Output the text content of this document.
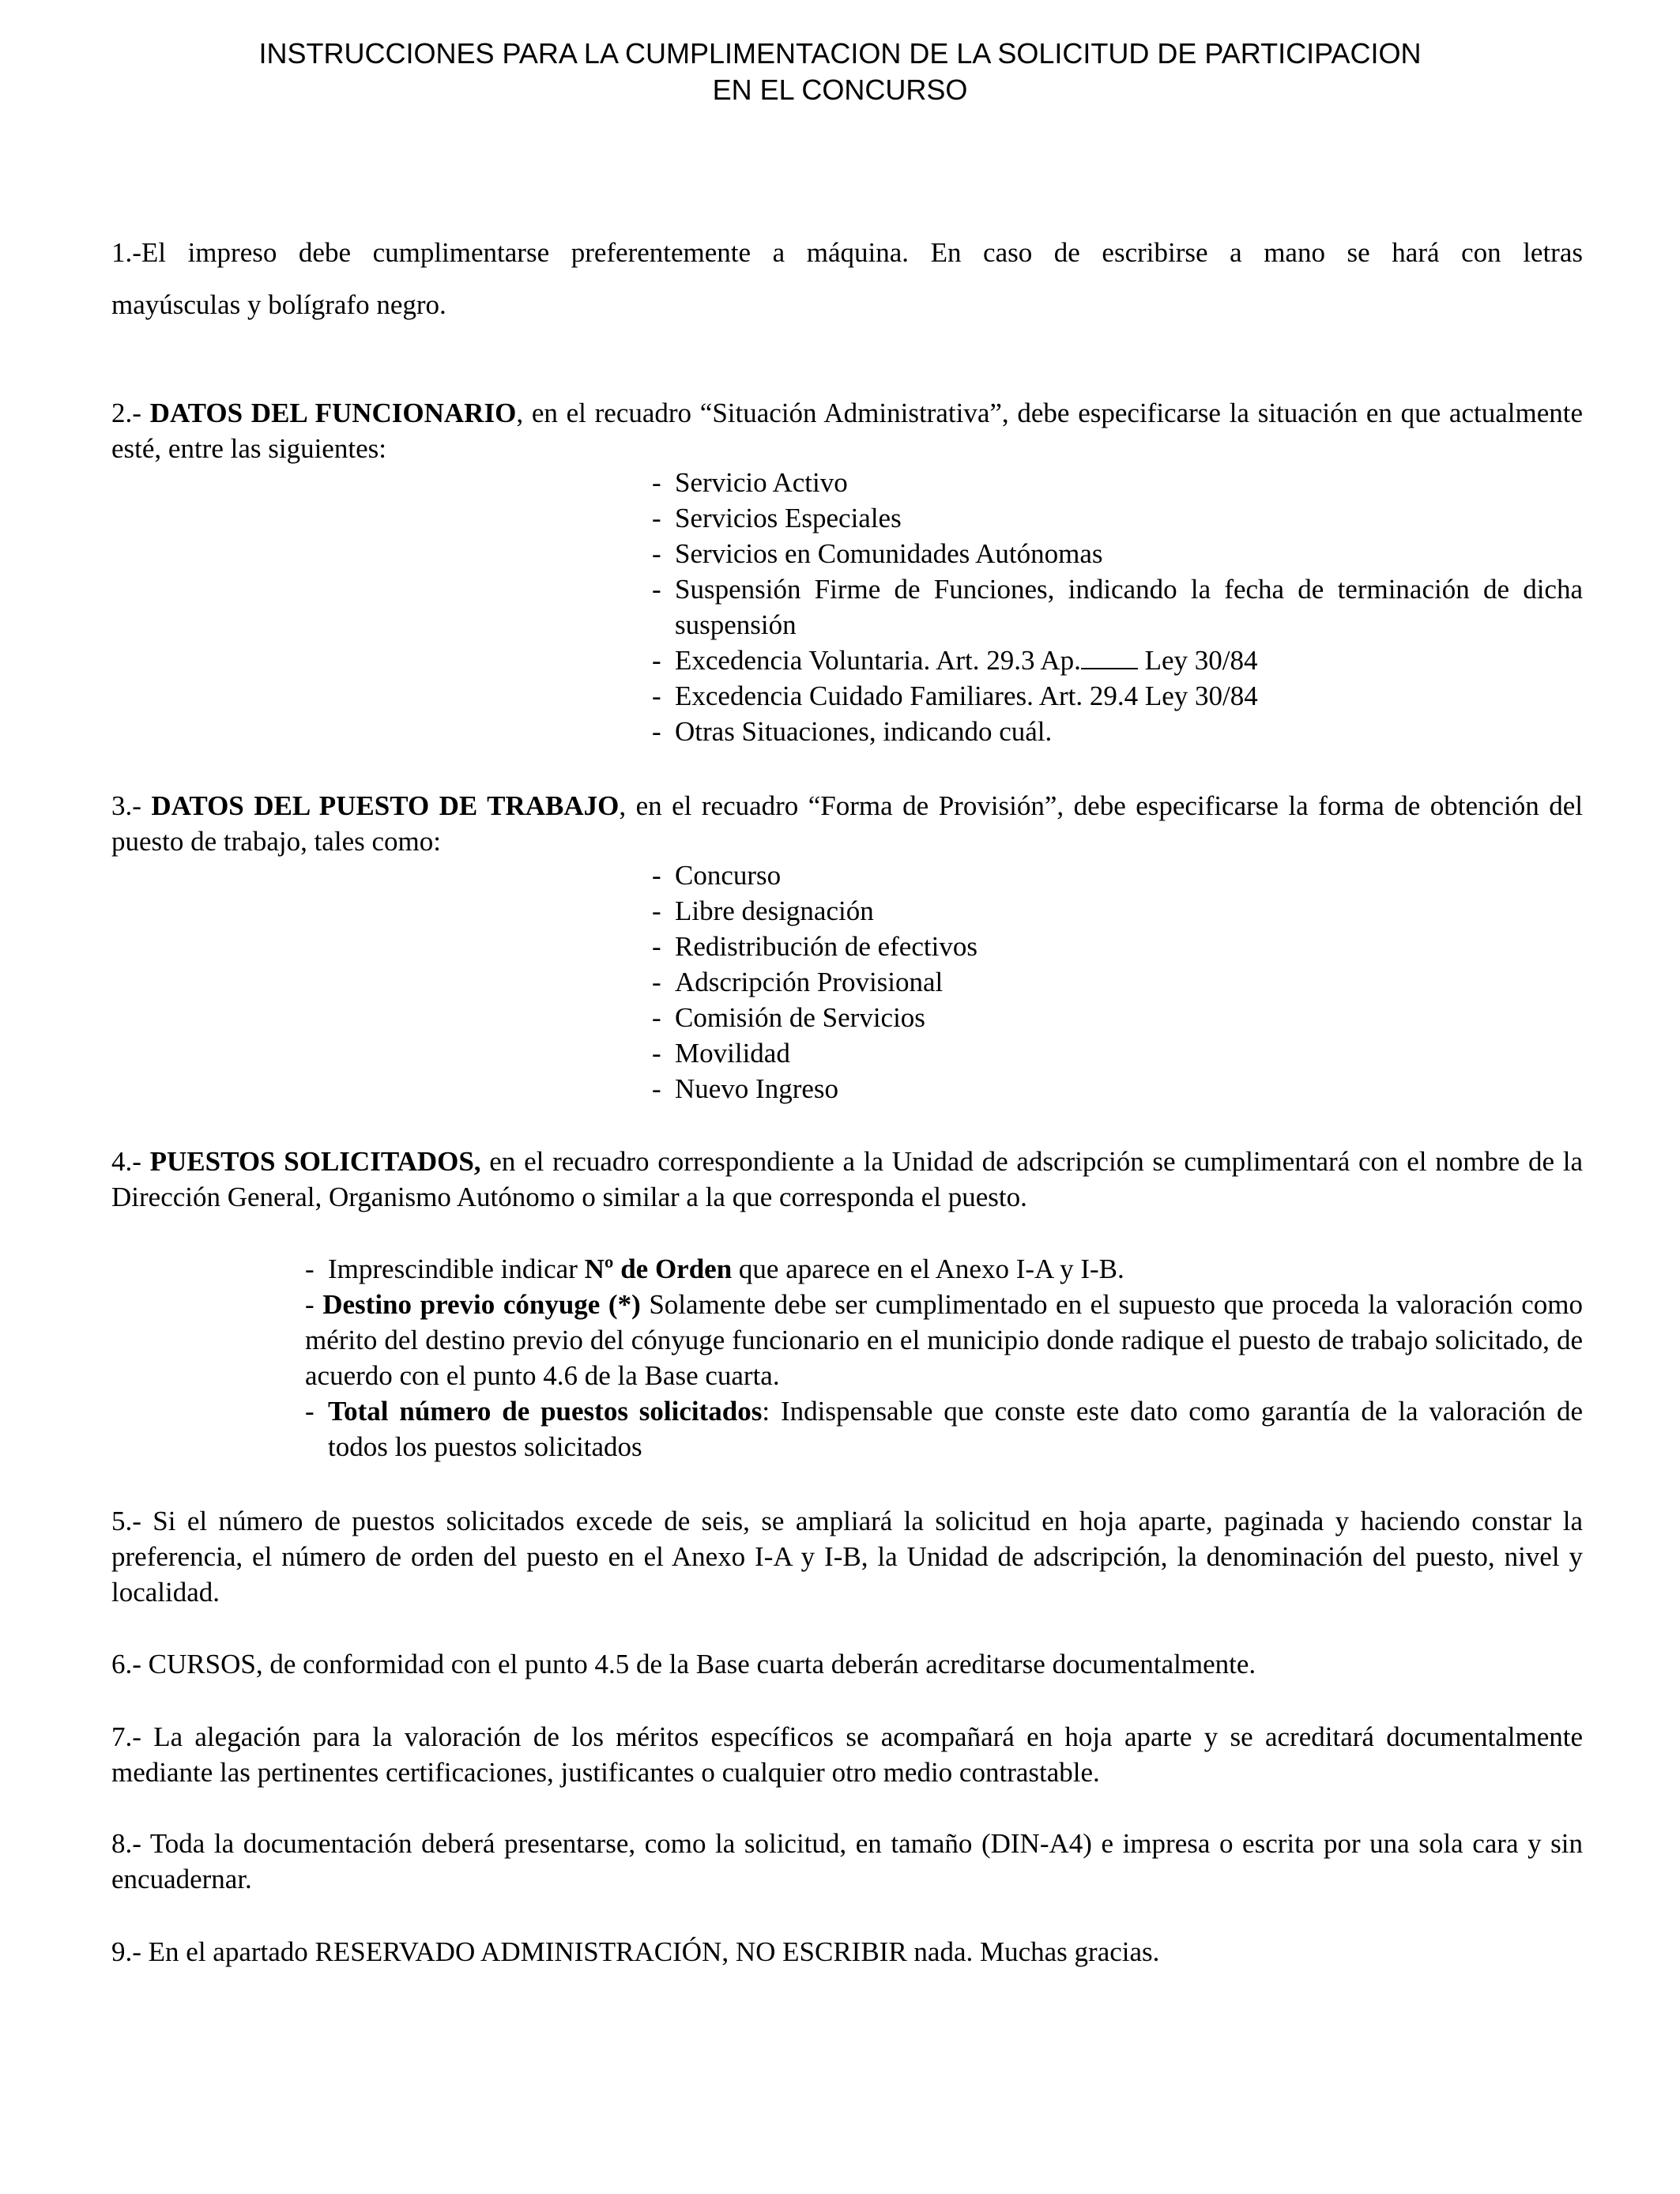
INSTRUCCIONES PARA LA CUMPLIMENTACION DE LA SOLICITUD DE PARTICIPACION
EN EL CONCURSO

1.-El impreso debe cumplimentarse preferentemente a máquina. En caso de escribirse a mano se hará con letras

mayúsculas y bolígrafo negro.

2.- DATOS DEL FUNCIONARIO, en el recuadro “Situación Administrativa”, debe especificarse la situación en que actualmente esté, entre las siguientes:

- Servicio Activo
- Servicios Especiales
- Servicios en Comunidades Autónomas
- Suspensión Firme de Funciones, indicando la fecha de terminación de dicha suspensión
- Excedencia Voluntaria. Art. 29.3 Ap. Ley 30/84
- Excedencia Cuidado Familiares. Art. 29.4 Ley 30/84
- Otras Situaciones, indicando cuál.

3.- DATOS DEL PUESTO DE TRABAJO, en el recuadro “Forma de Provisión”, debe especificarse la forma de obtención del puesto de trabajo, tales como:

- Concurso
- Libre designación
- Redistribución de efectivos
- Adscripción Provisional
- Comisión de Servicios
- Movilidad
- Nuevo Ingreso

4.- PUESTOS SOLICITADOS, en el recuadro correspondiente a la Unidad de adscripción se cumplimentará con el nombre de la Dirección General, Organismo Autónomo o similar a la que corresponda el puesto.

- Imprescindible indicar Nº de Orden que aparece en el Anexo I-A y I-B.
- Destino previo cónyuge (*) Solamente debe ser cumplimentado en el supuesto que proceda la valoración como mérito del destino previo del cónyuge funcionario en el municipio donde radique el puesto de trabajo solicitado, de acuerdo con el punto 4.6 de la Base cuarta.
- Total número de puestos solicitados: Indispensable que conste este dato como garantía de la valoración de todos los puestos solicitados

5.- Si el número de puestos solicitados excede de seis, se ampliará la solicitud en hoja aparte, paginada y haciendo constar la preferencia, el número de orden del puesto en el Anexo I-A y I-B, la Unidad de adscripción, la denominación del puesto, nivel y localidad.

6.- CURSOS, de conformidad con el punto 4.5 de la Base cuarta deberán acreditarse documentalmente.

7.- La alegación para la valoración de los méritos específicos se acompañará en hoja aparte y se acreditará documentalmente mediante las pertinentes certificaciones, justificantes o cualquier otro medio contrastable.

8.- Toda la documentación deberá presentarse, como la solicitud, en tamaño (DIN-A4) e impresa o escrita por una sola cara y sin encuadernar.

9.- En el apartado RESERVADO ADMINISTRACIÓN, NO ESCRIBIR nada. Muchas gracias.
